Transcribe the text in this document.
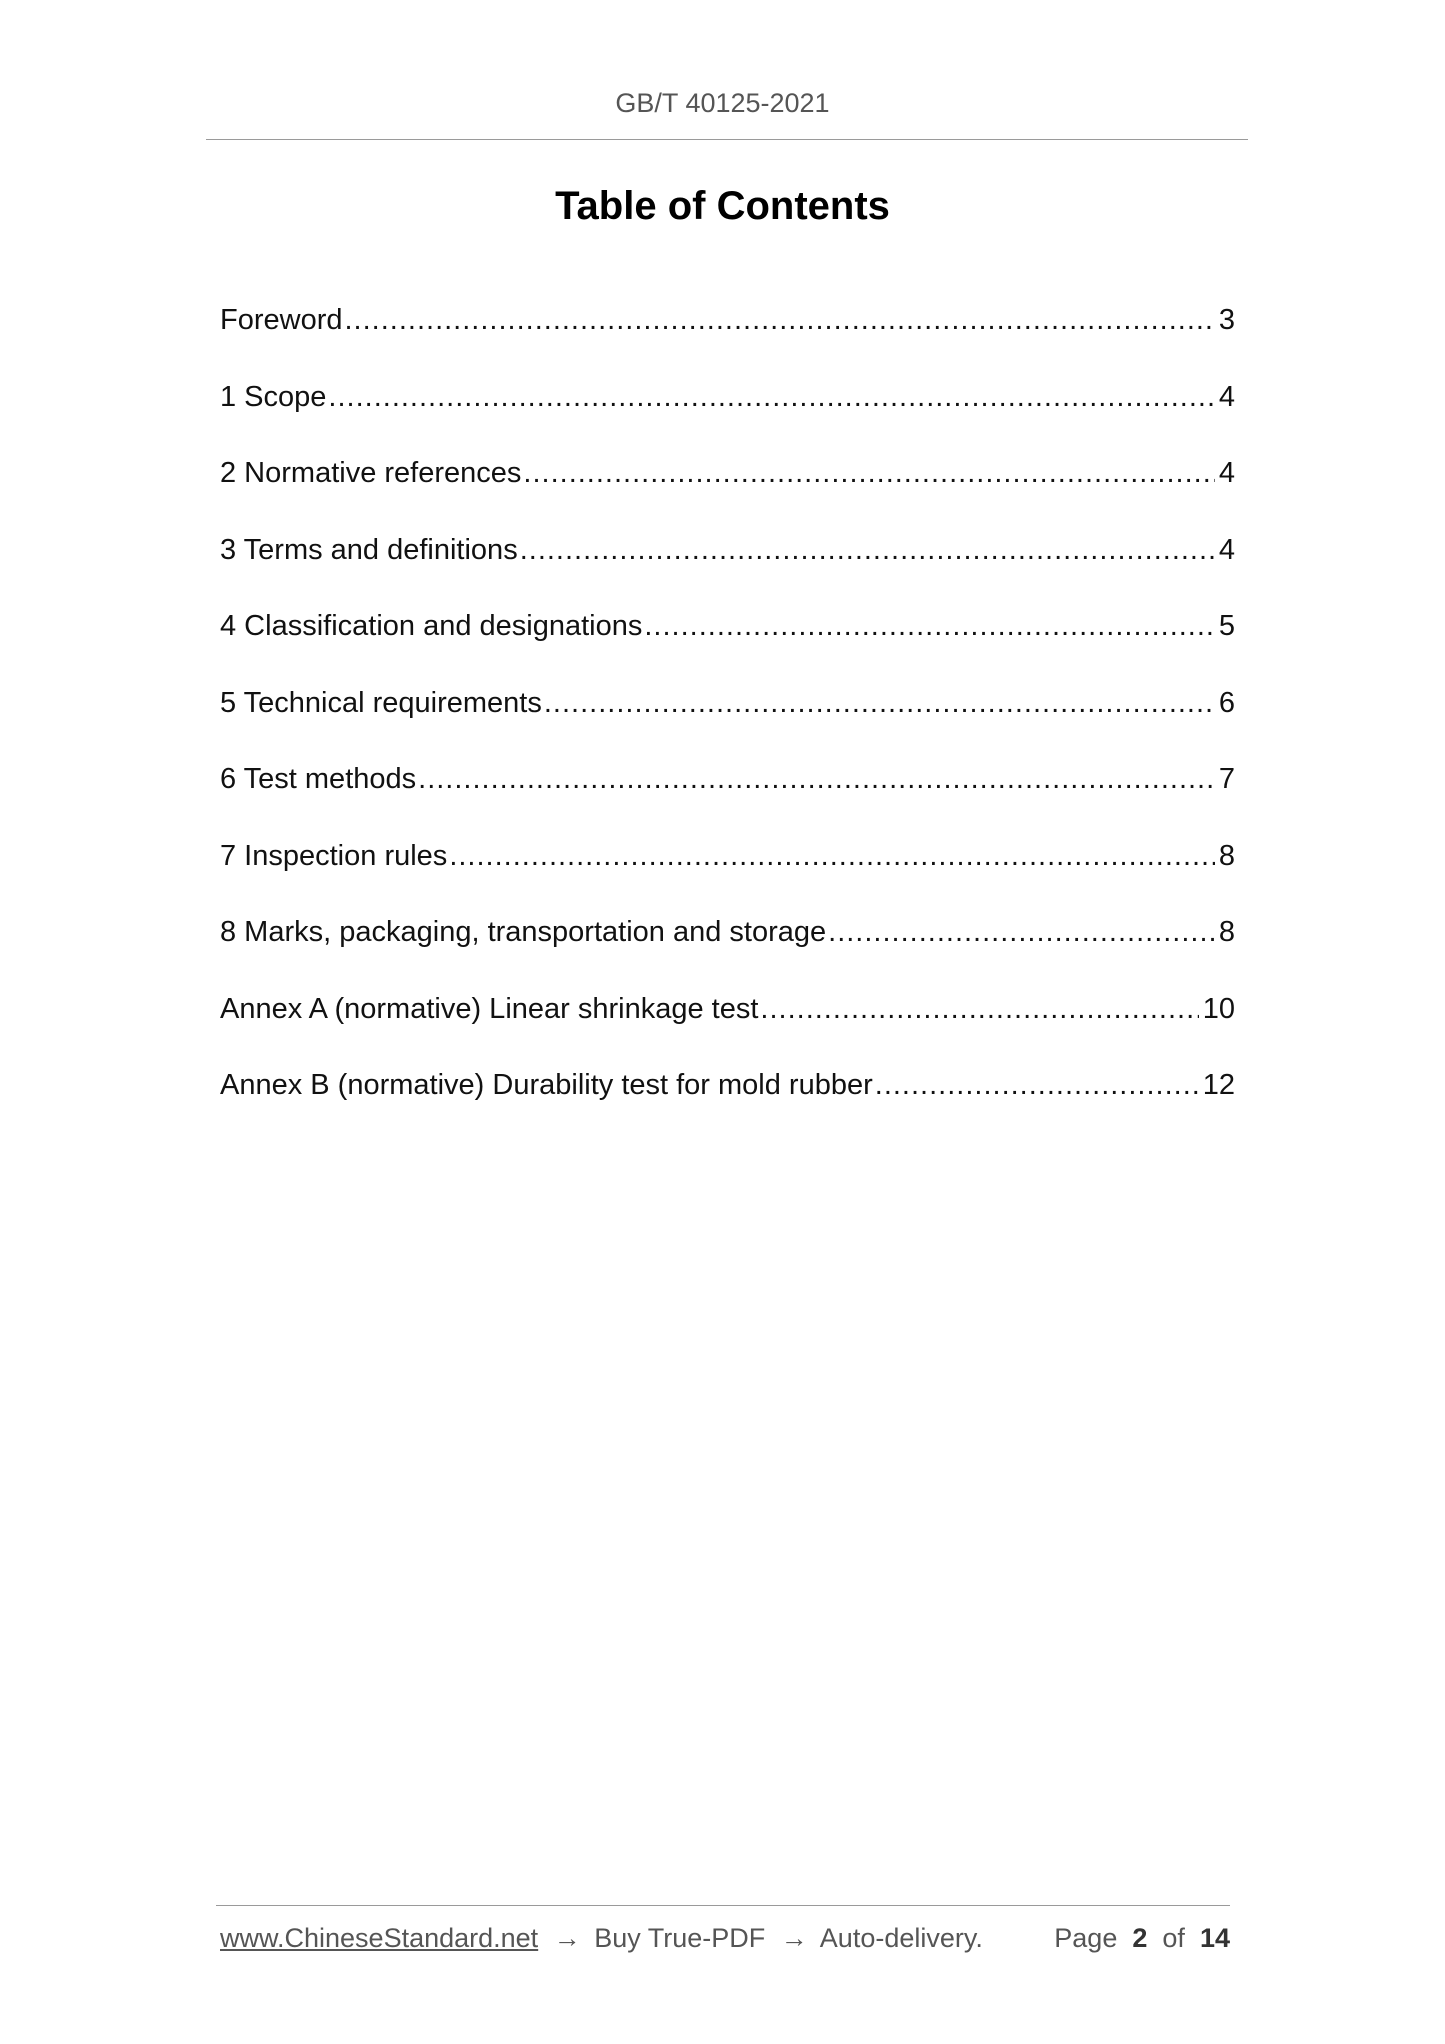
GB/T 40125-2021
Table of Contents
Foreword .....	3
1 Scope .....	4
2 Normative references .....	4
3 Terms and definitions .....	4
4 Classification and designations .....	5
5 Technical requirements .....	6
6 Test methods .....	7
7 Inspection rules .....	8
8 Marks, packaging, transportation and storage .....	8
Annex A (normative) Linear shrinkage test .....	10
Annex B (normative) Durability test for mold rubber .....	12
www.ChineseStandard.net → Buy True-PDF → Auto-delivery.	Page 2 of 14
